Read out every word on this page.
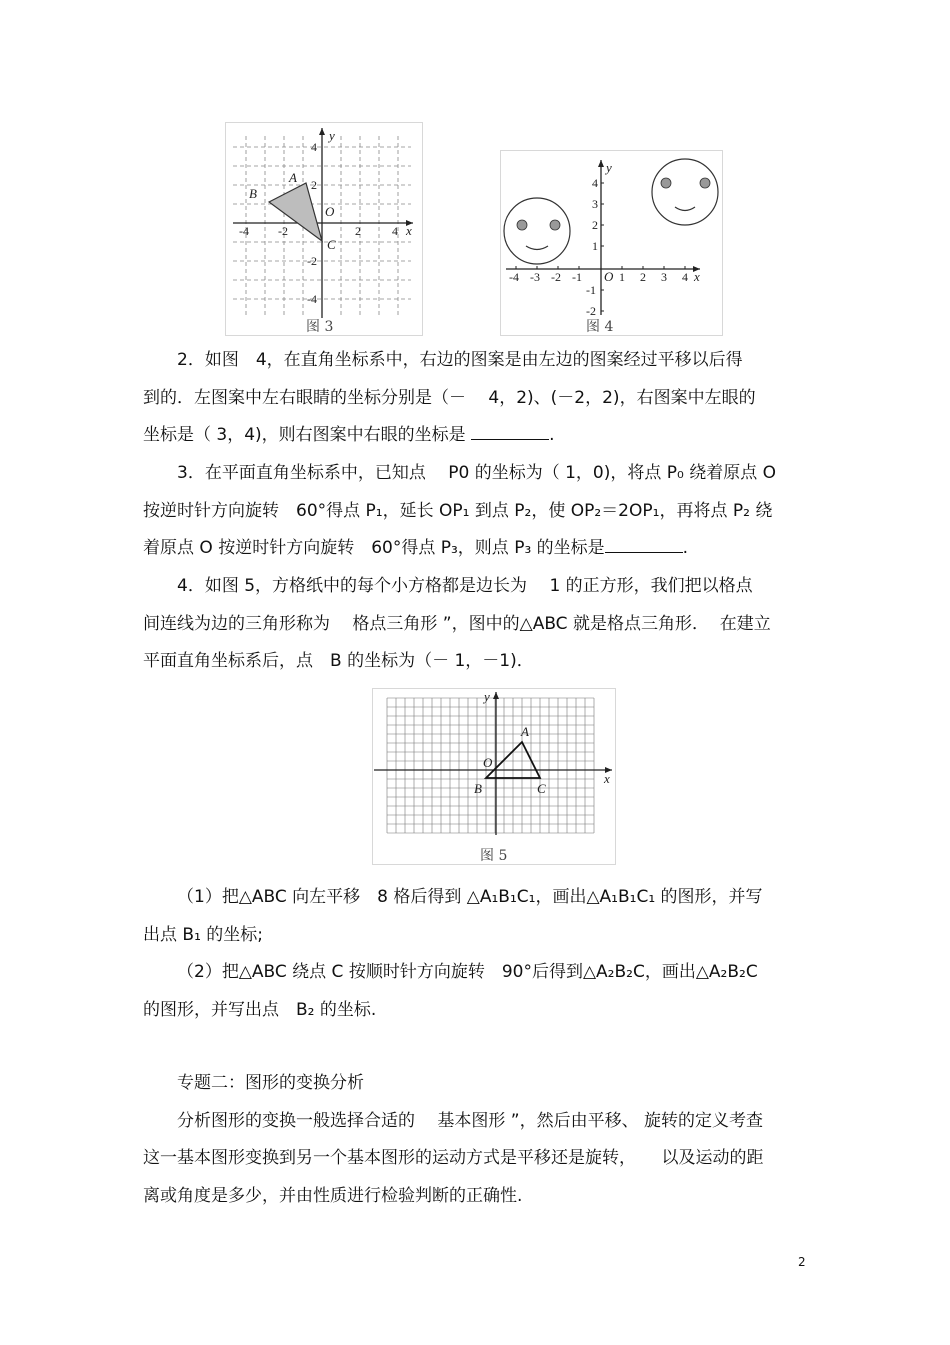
y
x
A
B
C
O
-4 -2	2	4
4
2
-2
-4
图 3
y
x
O
-4 -3 -2 -1	1 2 3 4
4
3
2
1
-1
-2
图 4

2．如图　4，在直角坐标系中，右边的图案是由左边的图案经过平移以后得
到的．左图案中左右眼睛的坐标分别是（－　 4，2)、(－2，2)，右图案中左眼的
坐标是（ 3，4)，则右图案中右眼的坐标是	.

3．在平面直角坐标系中，已知点　 P0 的坐标为（ 1，0)，将点 P₀ 绕着原点 O
按逆时针方向旋转　60°得点 P₁，延长 OP₁ 到点 P₂，使 OP₂＝2OP₁，再将点 P₂ 绕
着原点 O 按逆时针方向旋转　60°得点 P₃，则点 P₃ 的坐标是	.

4．如图 5，方格纸中的每个小方格都是边长为　 1 的正方形，我们把以格点
间连线为边的三角形称为　 格点三角形 ”，图中的△ABC 就是格点三角形．  在建立
平面直角坐标系后，点　B 的坐标为（－ 1，－1)．

y
x
A
B	C
O
图 5

（1）把△ABC 向左平移　8 格后得到 △A₁B₁C₁，画出△A₁B₁C₁ 的图形，并写
出点 B₁ 的坐标;

（2）把△ABC 绕点 C 按顺时针方向旋转　90°后得到△A₂B₂C，画出△A₂B₂C
的图形，并写出点　B₂ 的坐标.

专题二：图形的变换分析
分析图形的变换一般选择合适的　 基本图形 ”，然后由平移、 旋转的定义考查
这一基本图形变换到另一个基本图形的运动方式是平移还是旋转，　　以及运动的距
离或角度是多少，并由性质进行检验判断的正确性.

2
